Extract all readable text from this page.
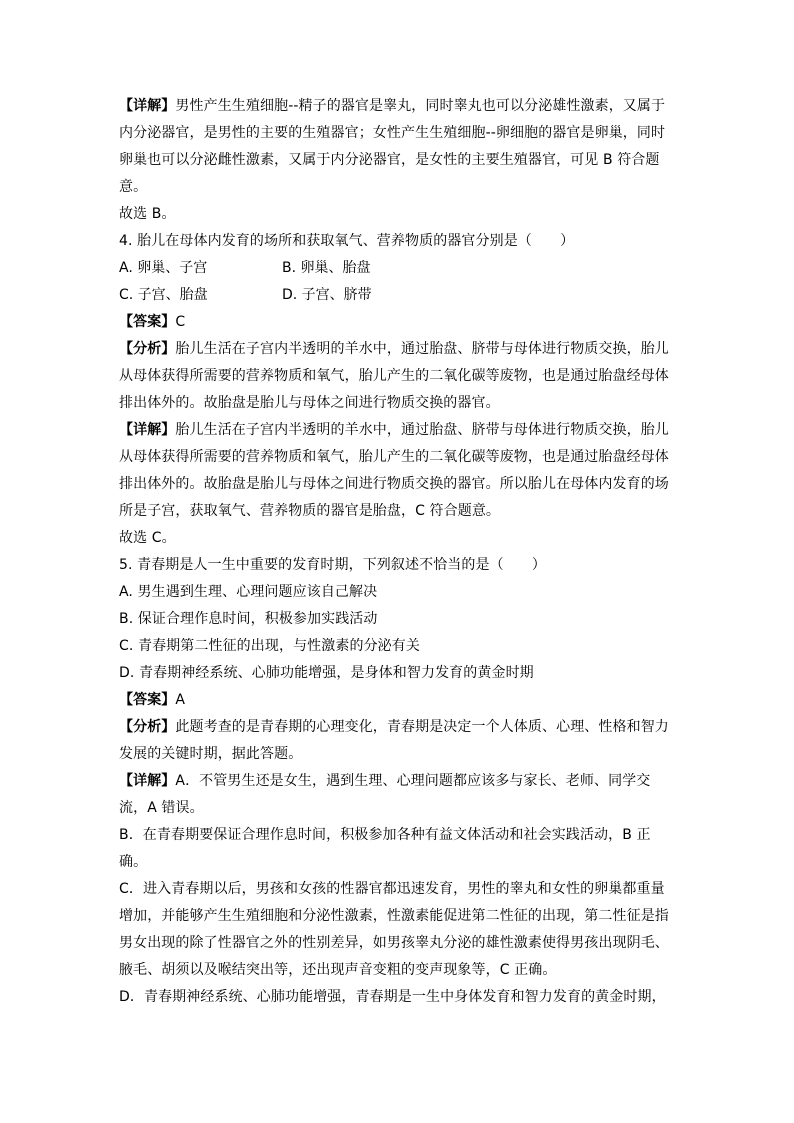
【详解】男性产生生殖细胞--精子的器官是睾丸，同时睾丸也可以分泌雄性激素，又属于
内分泌器官，是男性的主要的生殖器官；女性产生生殖细胞--卵细胞的器官是卵巢，同时
卵巢也可以分泌雌性激素，又属于内分泌器官，是女性的主要生殖器官，可见 B 符合题
意。
故选 B。
4. 胎儿在母体内发育的场所和获取氧气、营养物质的器官分别是（　　）
A. 卵巢、子宫	B. 卵巢、胎盘
C. 子宫、胎盘	D. 子宫、脐带
【答案】C
【分析】胎儿生活在子宫内半透明的羊水中，通过胎盘、脐带与母体进行物质交换，胎儿
从母体获得所需要的营养物质和氧气，胎儿产生的二氧化碳等废物，也是通过胎盘经母体
排出体外的。故胎盘是胎儿与母体之间进行物质交换的器官。
【详解】胎儿生活在子宫内半透明的羊水中，通过胎盘、脐带与母体进行物质交换，胎儿
从母体获得所需要的营养物质和氧气，胎儿产生的二氧化碳等废物，也是通过胎盘经母体
排出体外的。故胎盘是胎儿与母体之间进行物质交换的器官。所以胎儿在母体内发育的场
所是子宫，获取氧气、营养物质的器官是胎盘，C 符合题意。
故选 C。
5. 青春期是人一生中重要的发育时期，下列叙述不恰当的是（　　）
A. 男生遇到生理、心理问题应该自己解决
B. 保证合理作息时间，积极参加实践活动
C. 青春期第二性征的出现，与性激素的分泌有关
D. 青春期神经系统、心肺功能增强，是身体和智力发育的黄金时期
【答案】A
【分析】此题考查的是青春期的心理变化，青春期是决定一个人体质、心理、性格和智力
发展的关键时期，据此答题。
【详解】A．不管男生还是女生，遇到生理、心理问题都应该多与家长、老师、同学交
流，A 错误。
B．在青春期要保证合理作息时间，积极参加各种有益文体活动和社会实践活动，B 正
确。
C．进入青春期以后，男孩和女孩的性器官都迅速发育，男性的睾丸和女性的卵巢都重量
增加，并能够产生生殖细胞和分泌性激素，性激素能促进第二性征的出现，第二性征是指
男女出现的除了性器官之外的性别差异，如男孩睾丸分泌的雄性激素使得男孩出现阴毛、
腋毛、胡须以及喉结突出等，还出现声音变粗的变声现象等，C 正确。
D．青春期神经系统、心肺功能增强，青春期是一生中身体发育和智力发育的黄金时期，
